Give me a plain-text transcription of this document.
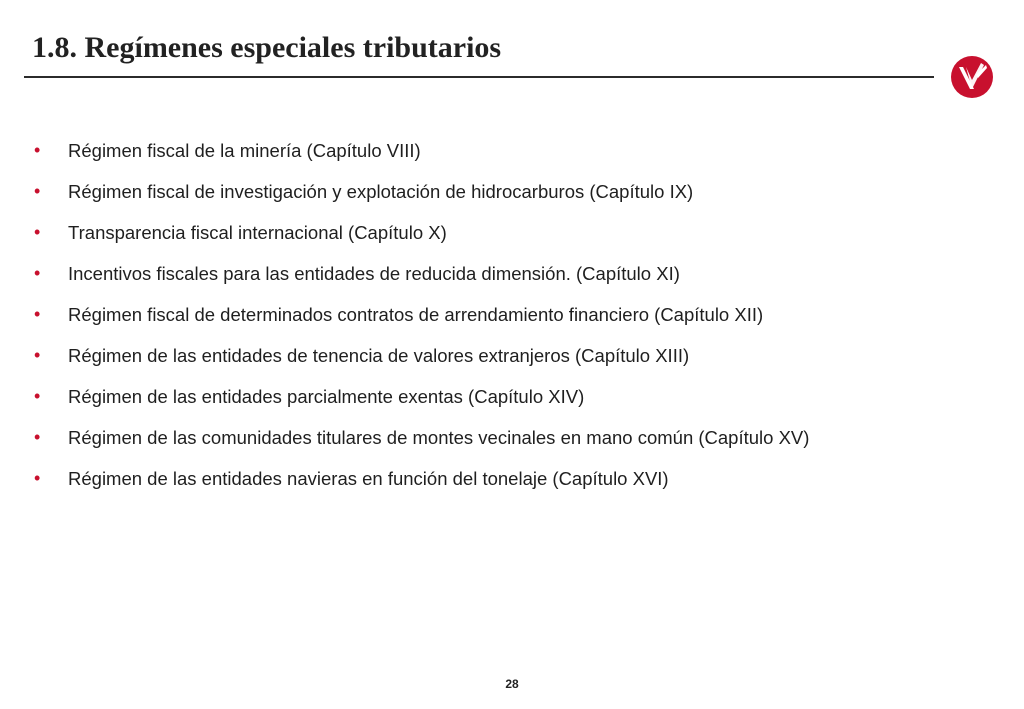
1.8. Regímenes especiales tributarios
•	Régimen fiscal de la minería (Capítulo VIII)
•	Régimen fiscal de investigación y explotación de hidrocarburos (Capítulo IX)
•	Transparencia fiscal internacional (Capítulo X)
•	Incentivos fiscales para las entidades de reducida dimensión. (Capítulo XI)
•	Régimen fiscal de determinados contratos de arrendamiento financiero (Capítulo XII)
•	Régimen de las entidades de tenencia de valores extranjeros (Capítulo XIII)
•	Régimen de las entidades parcialmente exentas (Capítulo XIV)
•	Régimen de las comunidades titulares de montes vecinales en mano común (Capítulo XV)
•	Régimen de las entidades navieras en función del tonelaje (Capítulo XVI)
28
